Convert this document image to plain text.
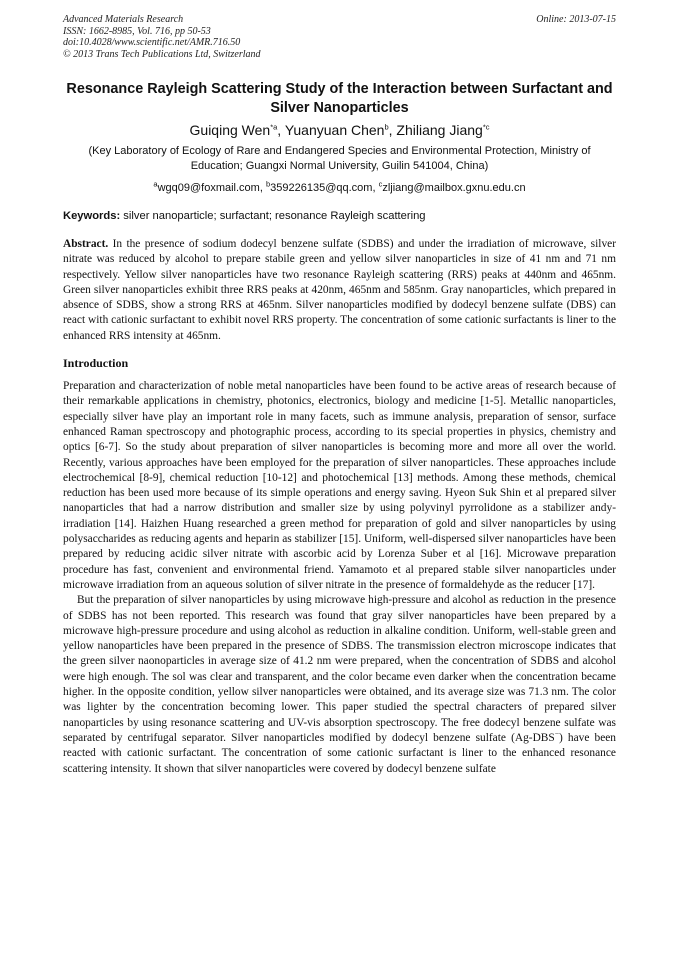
Advanced Materials Research
ISSN: 1662-8985, Vol. 716, pp 50-53
doi:10.4028/www.scientific.net/AMR.716.50
© 2013 Trans Tech Publications Ltd, Switzerland
Online: 2013-07-15
Resonance Rayleigh Scattering Study of the Interaction between Surfactant and Silver Nanoparticles
Guiqing Wen$^{*a}$, Yuanyuan Chen$^b$, Zhiliang Jiang$^{*c}$
(Key Laboratory of Ecology of Rare and Endangered Species and Environmental Protection, Ministry of Education; Guangxi Normal University, Guilin 541004, China)
$^a$wgq09@foxmail.com, $^b$359226135@qq.com, $^c$zljiang@mailbox.gxnu.edu.cn
Keywords: silver nanoparticle; surfactant; resonance Rayleigh scattering

Abstract. In the presence of sodium dodecyl benzene sulfate (SDBS) and under the irradiation of microwave, silver nitrate was reduced by alcohol to prepare stabile green and yellow silver nanoparticles in size of 41 nm and 71 nm respectively. Yellow silver nanoparticles have two resonance Rayleigh scattering (RRS) peaks at 440nm and 465nm. Green silver nanoparticles exhibit three RRS peaks at 420nm, 465nm and 585nm. Gray nanoparticles, which prepared in absence of SDBS, show a strong RRS at 465nm. Silver nanoparticles modified by dodecyl benzene sulfate (DBS) can react with cationic surfactant to exhibit novel RRS property. The concentration of some cationic surfactants is liner to the enhanced RRS intensity at 465nm.

Introduction

Preparation and characterization of noble metal nanoparticles have been found to be active areas of research because of their remarkable applications in chemistry, photonics, electronics, biology and medicine [1-5]. Metallic nanoparticles, especially silver have play an important role in many facets, such as immune analysis, preparation of sensor, surface enhanced Raman spectroscopy and photographic process, according to its special properties in physics, chemistry and optics [6-7]. So the study about preparation of silver nanoparticles is becoming more and more all over the world. Recently, various approaches have been employed for the preparation of silver nanoparticles. These approaches include electrochemical [8-9], chemical reduction [10-12] and photochemical [13] methods. Among these methods, chemical reduction has been used more because of its simple operations and energy saving. Hyeon Suk Shin et al prepared silver nanoparticles that had a narrow distribution and smaller size by using polyvinyl pyrrolidone as a stabilizer andy-irradiation [14]. Haizhen Huang researched a green method for preparation of gold and silver nanoparticles by using polysaccharides as reducing agents and heparin as stabilizer [15]. Uniform, well-dispersed silver nanoparticles have been prepared by reducing acidic silver nitrate with ascorbic acid by Lorenza Suber et al [16]. Microwave preparation procedure has fast, convenient and environmental friend. Yamamoto et al prepared stable silver nanoparticles under microwave irradiation from an aqueous solution of silver nitrate in the presence of formaldehyde as the reducer [17].

But the preparation of silver nanoparticles by using microwave high-pressure and alcohol as reduction in the presence of SDBS has not been reported. This research was found that gray silver nanoparticles have been prepared by a microwave high-pressure procedure and using alcohol as reduction in alkaline condition. Uniform, well-stable green and yellow nanoparticles have been prepared in the presence of SDBS. The transmission electron microscope indicates that the green silver naonoparticles in average size of 41.2 nm were prepared, when the concentration of SDBS and alcohol were high enough. The sol was clear and transparent, and the color became even darker when the concentration became higher. In the opposite condition, yellow silver nanoparticles were obtained, and its average size was 71.3 nm. The color was lighter by the concentration becoming lower. This paper studied the spectral characters of prepared silver nanoparticles by using resonance scattering and UV-vis absorption spectroscopy. The free dodecyl benzene sulfate was separated by centrifugal separator. Silver nanoparticles modified by dodecyl benzene sulfate (Ag-DBS−) have been reacted with cationic surfactant. The concentration of some cationic surfactant is liner to the enhanced resonance scattering intensity. It shown that silver nanoparticles were covered by dodecyl benzene sulfate
